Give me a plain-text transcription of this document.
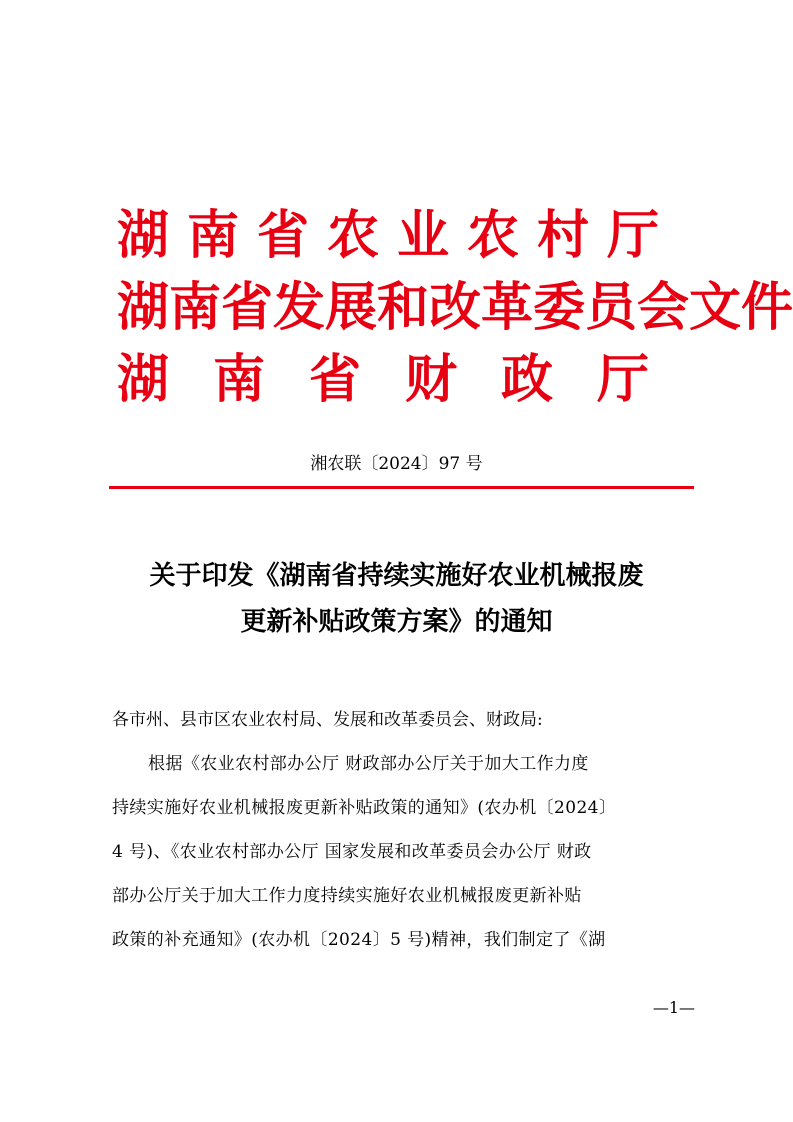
湖南省农业农村厅

湖南省发展和改革委员会文件

湖南省财政厅

湘农联〔2024〕97 号

关于印发《湖南省持续实施好农业机械报废

更新补贴政策方案》的通知

各市州、县市区农业农村局、发展和改革委员会、财政局:

根据《农业农村部办公厅 财政部办公厅关于加大工作力度

持续实施好农业机械报废更新补贴政策的通知》(农办机〔2024〕

4 号)、《农业农村部办公厅 国家发展和改革委员会办公厅 财政

部办公厅关于加大工作力度持续实施好农业机械报废更新补贴

政策的补充通知》(农办机〔2024〕5 号)精神，我们制定了《湖

—1—
